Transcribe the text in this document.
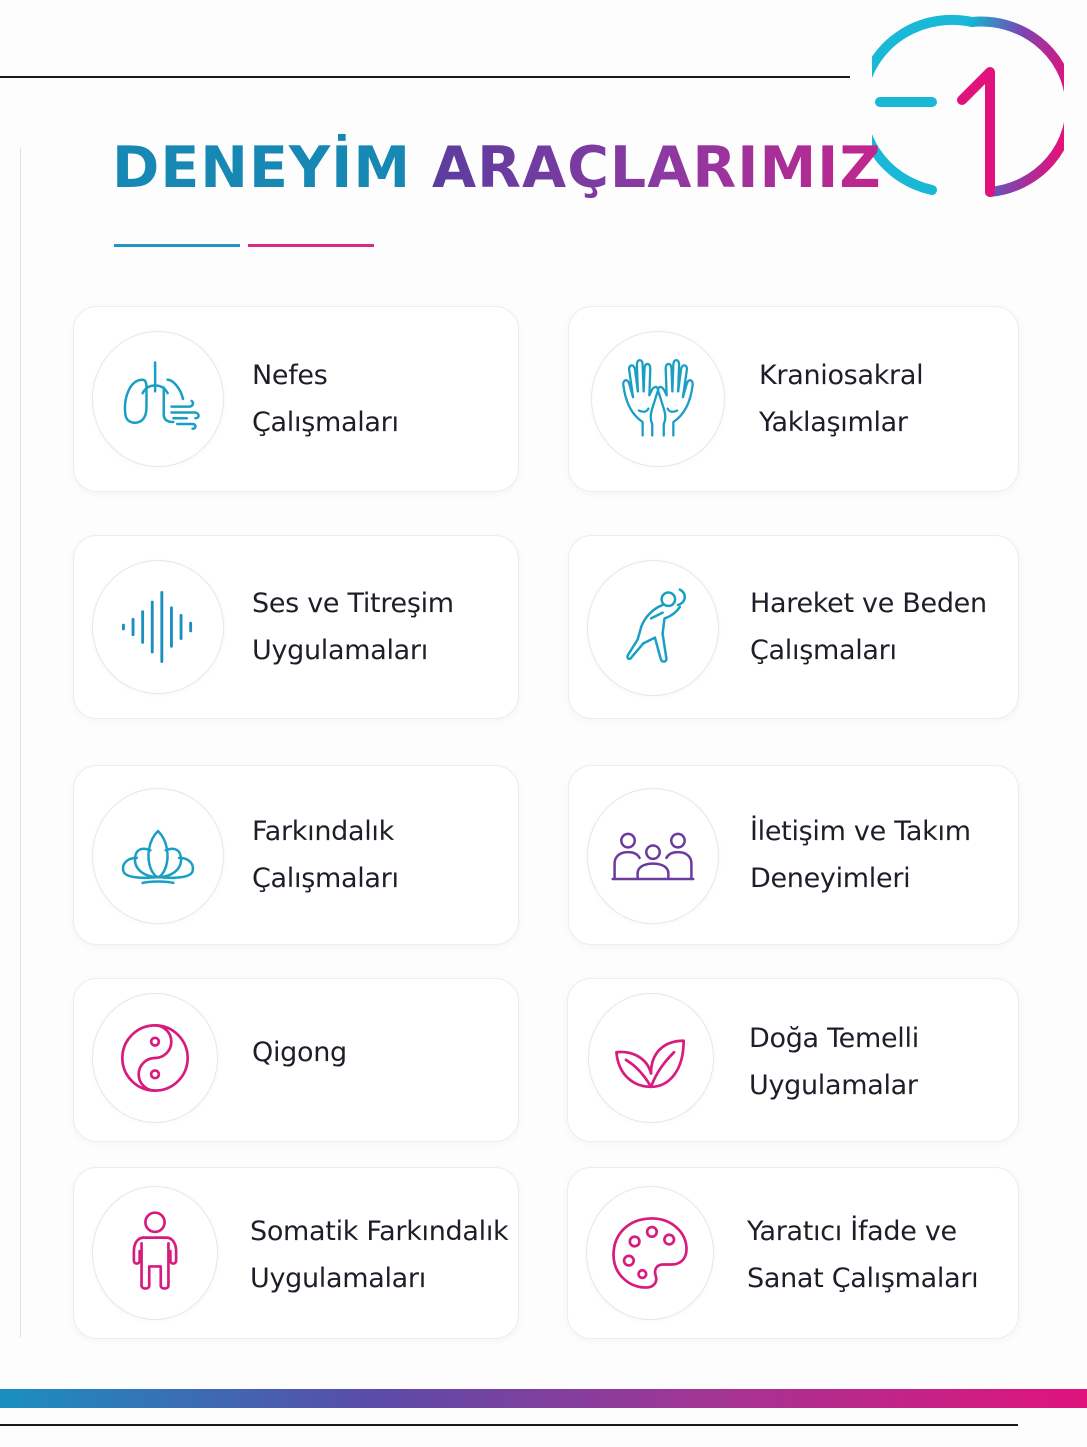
DENEYİM ARAÇLARIMIZ
Nefes
Çalışmaları
Kraniosakral
Yaklaşımlar
Ses ve Titreşim
Uygulamaları
Hareket ve Beden
Çalışmaları
Farkındalık
Çalışmaları
İletişim ve Takım
Deneyimleri
Qigong	Doğa Temelli
Uygulamalar
Somatik Farkındalık
Uygulamaları
Yaratıcı İfade ve
Sanat Çalışmaları
